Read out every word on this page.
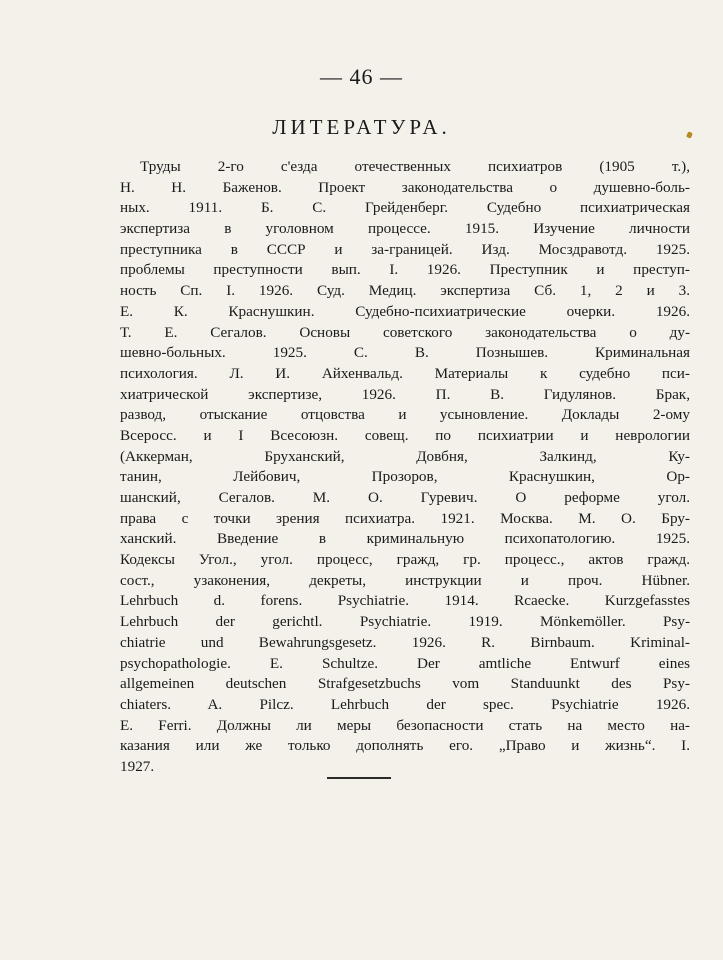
— 46 —
ЛИТЕРАТУРА.
Труды 2-го с'езда отечественных психиатров (1905 т.),
Н. Н. Баженов. Проект законодательства о душевно-боль-
ных. 1911. Б. С. Грейденберг. Судебно психиатрическая
экспертиза в уголовном процессе. 1915. Изучение личности
преступника в СССР и за-границей. Изд. Мосздравотд. 1925.
проблемы преступности вып. I. 1926. Преступник и преступ-
ность Сп. I. 1926. Суд. Медиц. экспертиза Сб. 1, 2 и 3.
Е. К. Краснушкин. Судебно-психиатрические очерки. 1926.
Т. Е. Сегалов. Основы советского законодательства о ду-
шевно-больных. 1925. С. В. Познышев. Криминальная
психология. Л. И. Айхенвальд. Материалы к судебно пси-
хиатрической экспертизе, 1926. П. В. Гидулянов. Брак,
развод, отыскание отцовства и усыновление. Доклады 2-ому
Всеросс. и I Всесоюзн. совещ. по психиатрии и неврологии
(Аккерман, Бруханский, Довбня, Залкинд, Ку-
танин, Лейбович, Прозоров, Краснушкин, Ор-
шанский, Сегалов. М. О. Гуревич. О реформе угол.
права с точки зрения психиатра. 1921. Москва. М. О. Бру-
ханский. Введение в криминальную психопатологию. 1925.
Кодексы Угол., угол. процесс, гражд, гр. процесс., актов гражд.
сост., узаконения, декреты, инструкции и проч. Hübner.
Lehrbuch d. forens. Psychiatrie. 1914. Rcaecke. Kurzgefasstes
Lehrbuch der gerichtl. Psychiatrie. 1919. Mönkemöller. Psy-
chiatrie und Bewahrungsgesetz. 1926. R. Birnbaum. Kriminal-
psychopathologie. E. Schultze. Der amtliche Entwurf eines
allgemeinen deutschen Strafgesetzbuchs vom Standuunkt des Psy-
chiaters. A. Pilcz. Lehrbuch der spec. Psychiatrie 1926.
E. Ferri. Должны ли меры безопасности стать на место на-
казания или же только дополнять его. „Право и жизнь“. I.
1927.
